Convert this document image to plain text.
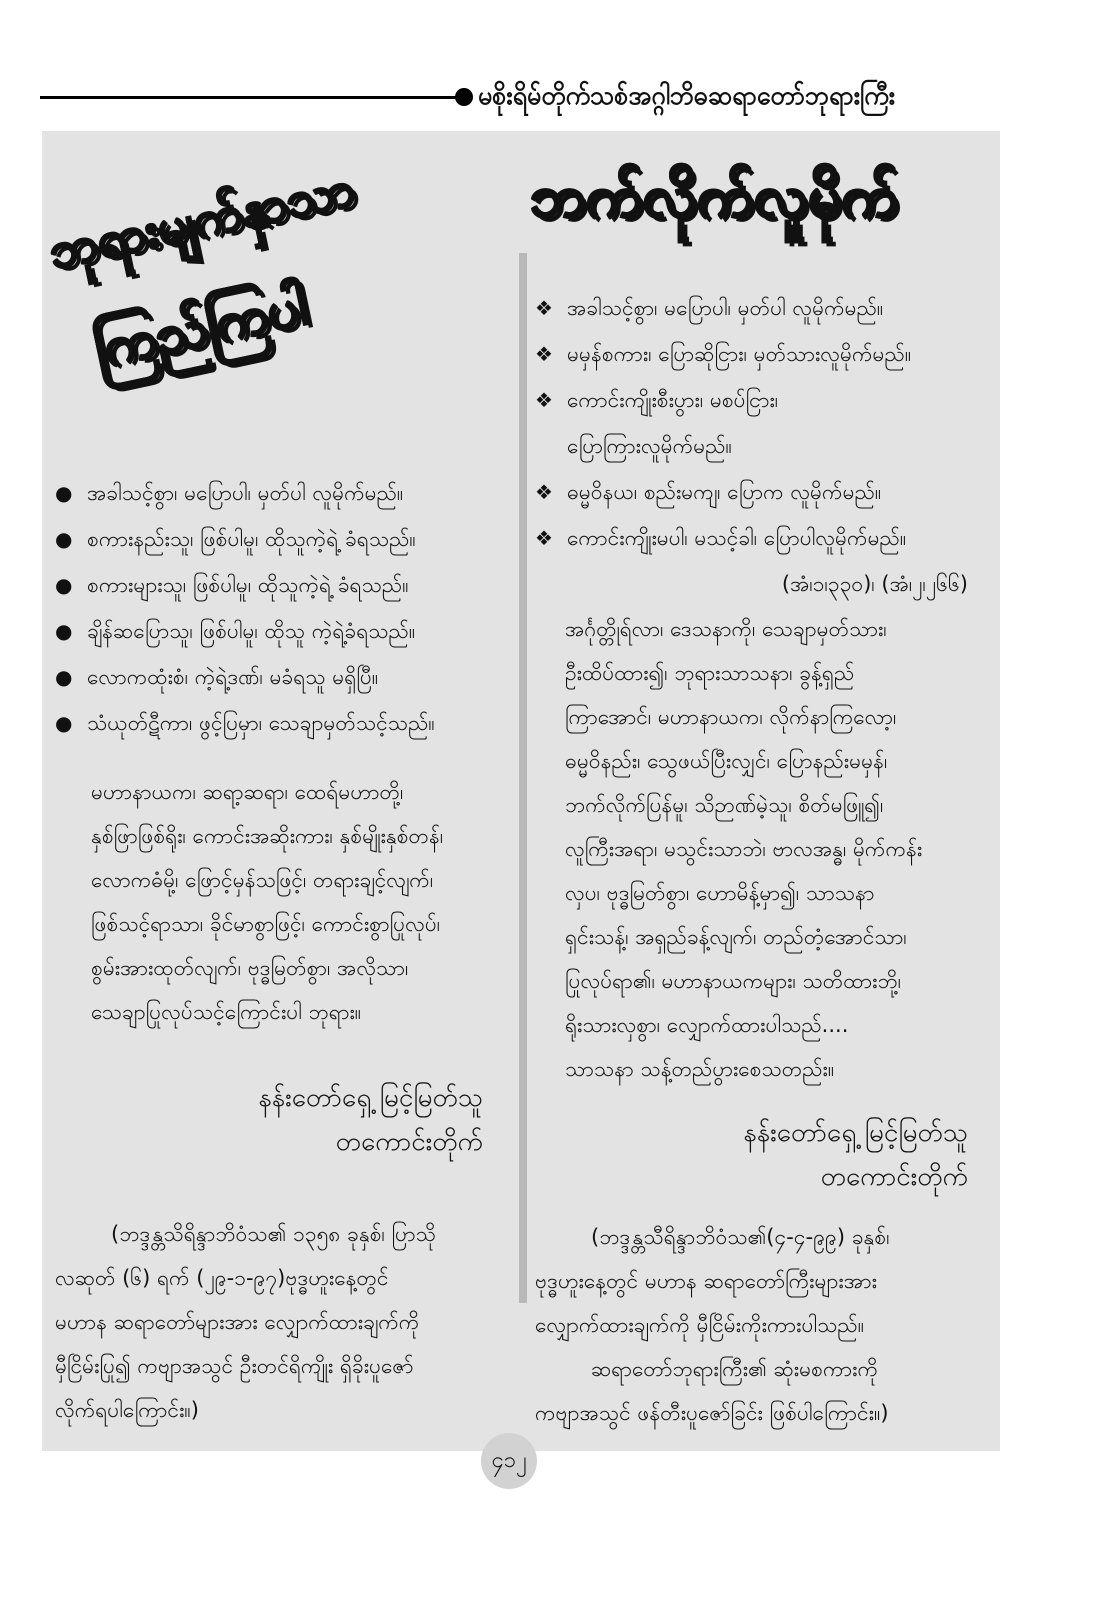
မစိုးရိမ်တိုက်သစ်အဂ္ဂါဘိဓဆရာတော်ဘုရားကြီး
ဘုရားမျက်နှာသာ
ကြည်ကြပါ
ဘက်လိုက်လူမိုက်
● အခါသင့်စွာ၊ မပြောပါ၊ မှတ်ပါ လူမိုက်မည်။
● စကားနည်းသူ၊ ဖြစ်ပါမူ၊ ထိုသူကဲ့ရဲ့ ခံရသည်။
● စကားများသူ၊ ဖြစ်ပါမူ၊ ထိုသူကဲ့ရဲ့ ခံရသည်။
● ချိန်ဆပြောသူ၊ ဖြစ်ပါမူ၊ ထိုသူ ကဲ့ရဲ့ခံရသည်။
● လောကထုံးစံ၊ ကဲ့ရဲ့ဒဏ်၊ မခံရသူ မရှိပြီ။
● သံယုတ်ဋီကာ၊ ဖွင့်ပြမှာ၊ သေချာမှတ်သင့်သည်။
မဟာနာယက၊ ဆရာ့ဆရာ၊ ထေရ်မဟာတို့၊
နှစ်ဖြာဖြစ်ရိုး၊ ကောင်းအဆိုးကား၊ နှစ်မျိုးနှစ်တန်၊
လောကဓံမို့၊ ဖြောင့်မှန်သဖြင့်၊ တရားချင့်လျက်၊
ဖြစ်သင့်ရာသာ၊ ခိုင်မာစွာဖြင့်၊ ကောင်းစွာပြုလုပ်၊
စွမ်းအားထုတ်လျက်၊ ဗုဒ္ဓမြတ်စွာ၊ အလိုသာ၊
သေချာပြုလုပ်သင့်ကြောင်းပါ ဘုရား။
နန်းတော်ရှေ့ မြင့်မြတ်သူ
တကောင်းတိုက်
(ဘဒ္ဒန္တသိရိန္ဒာဘိဝံသ၏ ၁၃၅၈ ခုနှစ်၊ ပြာသို
လဆုတ် (၆) ရက် (၂၉-၁-၉၇)ဗုဒ္ဓဟူးနေ့တွင်
မဟာန ဆရာတော်များအား လျှောက်ထားချက်ကို
မှီငြိမ်းပြု၍ ကဗျာအသွင် ဦးတင်ရိကျိုး ရှိခိုးပူဇော်
လိုက်ရပါကြောင်း။)
❖ အခါသင့်စွာ၊ မပြောပါ၊ မှတ်ပါ လူမိုက်မည်။
❖ မမှန်စကား၊ ပြောဆိုငြား၊ မှတ်သားလူမိုက်မည်။
❖ ကောင်းကျိုးစီးပွား၊ မစပ်ငြား၊
ပြောကြားလူမိုက်မည်။
❖ ဓမ္မဝိနယ၊ စည်းမကျ၊ ပြောက လူမိုက်မည်။
❖ ကောင်းကျိုးမပါ၊ မသင့်ခါ၊ ပြောပါလူမိုက်မည်။
(အံ၊၁၊၃၃၀)၊ (အံ၊၂၊၂၆၆)
အင်္ဂုတ္တိုရ်လာ၊ ဒေသနာကို၊ သေချာမှတ်သား၊
ဦးထိပ်ထား၍၊ ဘုရားသာသနာ၊ ခွန့်ရှည်
ကြာအောင်၊ မဟာနာယက၊ လိုက်နာကြလော့၊
ဓမ္မဝိနည်း၊ သွေဖယ်ပြီးလျှင်၊ ပြောနည်းမမှန်၊
ဘက်လိုက်ပြန်မူ၊ သိဉာဏ်မဲ့သူ၊ စိတ်မဖြူ၍၊
လူကြီးအရာ၊ မသွင်းသာဘဲ၊ ဗာလအန္ဓ၊ မိုက်ကန်း
လှပ၊ ဗုဒ္ဓမြတ်စွာ၊ ဟောမိန့်မှာ၍၊ သာသနာ
ရှင်းသန့်၊ အရှည်ခန့်လျက်၊ တည်တံ့အောင်သာ၊
ပြုလုပ်ရာ၏၊ မဟာနာယကများ၊ သတိထားဘို့၊
ရိုးသားလှစွာ၊ လျှောက်ထားပါသည်....
သာသနာ သန့်တည်ပွားစေသတည်း။
နန်းတော်ရှေ့ မြင့်မြတ်သူ
တကောင်းတိုက်
(ဘဒ္ဒန္တသီရိန္ဒာဘိဝံသ၏(၄-၄-၉၉) ခုနှစ်၊
ဗုဒ္ဓဟူးနေ့တွင် မဟာန ဆရာတော်ကြီးများအား
လျှောက်ထားချက်ကို မှီငြိမ်းကိုးကားပါသည်။
ဆရာတော်ဘုရားကြီး၏ ဆုံးမစကားကို
ကဗျာအသွင် ဖန်တီးပူဇော်ခြင်း ဖြစ်ပါကြောင်း။)
၄၁၂
